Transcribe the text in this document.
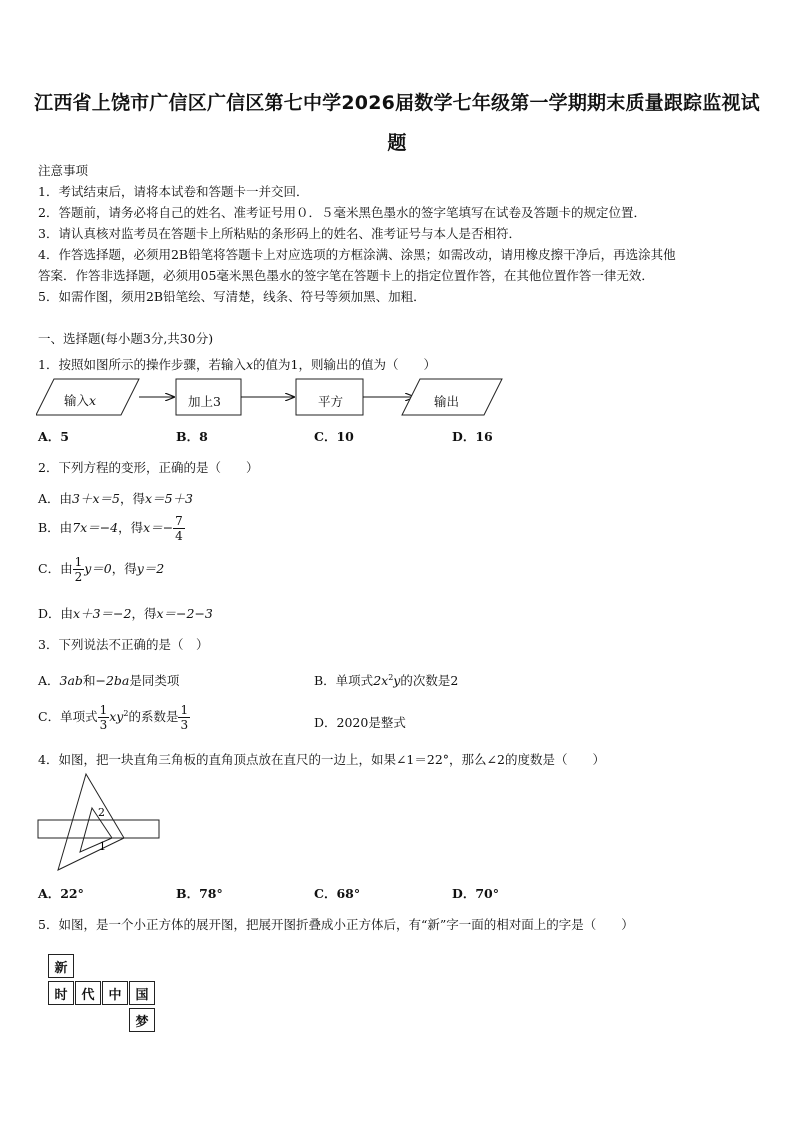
江西省上饶市广信区广信区第七中学2026届数学七年级第一学期期末质量跟踪监视试
题
注意事项
1．考试结束后，请将本试卷和答题卡一并交回．
2．答题前，请务必将自己的姓名、准考证号用０．５毫米黑色墨水的签字笔填写在试卷及答题卡的规定位置．
3．请认真核对监考员在答题卡上所粘贴的条形码上的姓名、准考证号与本人是否相符．
4．作答选择题，必须用2B铅笔将答题卡上对应选项的方框涂满、涂黑；如需改动，请用橡皮擦干净后，再选涂其他
答案．作答非选择题，必须用05毫米黑色墨水的签字笔在答题卡上的指定位置作答，在其他位置作答一律无效．
5．如需作图，须用2B铅笔绘、写清楚，线条、符号等须加黑、加粗．
一、选择题(每小题3分,共30分)
1．按照如图所示的操作步骤，若输入x的值为1，则输出的值为（　　）
输入x	加上3	平方	输出
A．5	B．8	C．10	D．16
2．下列方程的变形，正确的是（　　）
A．由3＋x＝5，得x＝5＋3
B．由7x＝−4，得$x=- \frac{7}{4}$
C．由 $\frac{1}{2} y=0$，得y＝2
D．由x＋3＝−2，得x＝−2−3
3．下列说法不正确的是（　）
A．3ab和−2ba是同类项	B．单项式$2x^2y$的次数是2
C．单项式 $\frac{1}{3} xy^2$的系数是 $\frac{1}{3}$	D．2020是整式
4．如图，把一块直角三角板的直角顶点放在直尺的一边上，如果∠1＝22°，那么∠2的度数是（　　）
2
1
A．22°	B．78°	C．68°	D．70°
5．如图，是一个小正方体的展开图，把展开图折叠成小正方体后，有“新”字一面的相对面上的字是（　　）
新
时	代	中	国
梦
